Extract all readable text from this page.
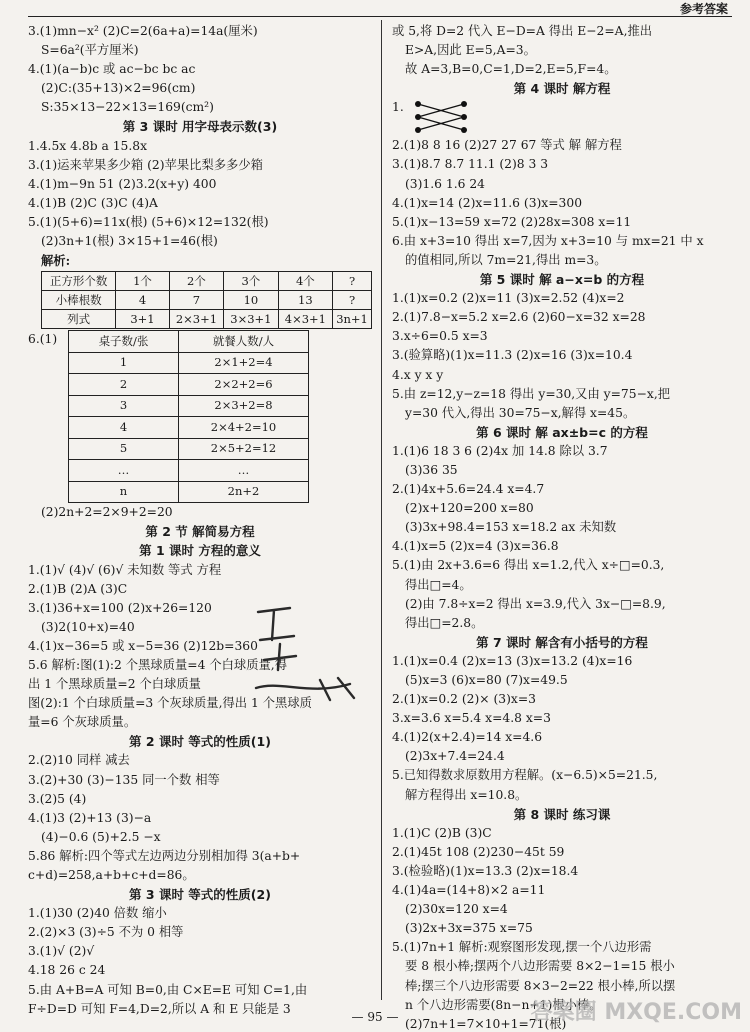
参考答案
3.(1)mn−x² (2)C=2(6a+a)=14a(厘米)
S=6a²(平方厘米)
4.(1)(a−b)c 或 ac−bc bc ac
(2)C:(35+13)×2=96(cm)
S:35×13−22×13=169(cm²)
第 3 课时 用字母表示数(3)
1.4.5x 4.8b a 15.8x
3.(1)运来苹果多少箱 (2)苹果比梨多多少箱
4.(1)m−9n 51 (2)3.2(x+y) 400
4.(1)B (2)C (3)C (4)A
5.(1)(5+6)=11x(根) (5+6)×12=132(根)
(2)3n+1(根) 3×15+1=46(根)
解析:
正方形个数	1个	2个	3个	4个	?
小棒根数	4	7	10	13	?
列式	3+1	2×3+1	3×3+1	4×3+1	3n+1
6.(1)	桌子数/张	就餐人数/人
1	2×1+2=4
2	2×2+2=6
3	2×3+2=8
4	2×4+2=10
5	2×5+2=12
…	…
n	2n+2
(2)2n+2=2×9+2=20
第 2 节 解简易方程
第 1 课时 方程的意义
1.(1)√ (4)√ (6)√ 未知数 等式 方程
2.(1)B (2)A (3)C
3.(1)36+x=100 (2)x+26=120
(3)2(10+x)=40
4.(1)x−36=5 或 x−5=36 (2)12b=360
5.6 解析:图(1):2 个黑球质量=4 个白球质量,得
出 1 个黑球质量=2 个白球质量
图(2):1 个白球质量=3 个灰球质量,得出 1 个黑球质
量=6 个灰球质量。
第 2 课时 等式的性质(1)
2.(2)10 同样 减去
3.(2)+30 (3)−135 同一个数 相等
3.(2)5 (4)
4.(1)3 (2)+13 (3)−a
(4)−0.6 (5)+2.5 −x
5.86 解析:四个等式左边两边分别相加得 3(a+b+
c+d)=258,a+b+c+d=86。
第 3 课时 等式的性质(2)
1.(1)30 (2)40 倍数 缩小
2.(2)×3 (3)÷5 不为 0 相等
3.(1)√ (2)√
4.18 26 c 24
5.由 A+B=A 可知 B=0,由 C×E=E 可知 C=1,由
F÷D=D 可知 F=4,D=2,所以 A 和 E 只能是 3
或 5,将 D=2 代入 E−D=A 得出 E−2=A,推出
E>A,因此 E=5,A=3。
故 A=3,B=0,C=1,D=2,E=5,F=4。
第 4 课时 解方程
1.
2.(1)8 8 16 (2)27 27 67 等式 解 解方程
3.(1)8.7 8.7 11.1 (2)8 3 3
(3)1.6 1.6 24
4.(1)x=14 (2)x=11.6 (3)x=300
5.(1)x−13=59 x=72 (2)28x=308 x=11
6.由 x+3=10 得出 x=7,因为 x+3=10 与 mx=21 中 x
的值相同,所以 7m=21,得出 m=3。
第 5 课时 解 a−x=b 的方程
1.(1)x=0.2 (2)x=11 (3)x=2.52 (4)x=2
2.(1)7.8−x=5.2 x=2.6 (2)60−x=32 x=28
3.x÷6=0.5 x=3
3.(验算略)(1)x=11.3 (2)x=16 (3)x=10.4
4.x y x y
5.由 z=12,y−z=18 得出 y=30,又由 y=75−x,把
y=30 代入,得出 30=75−x,解得 x=45。
第 6 课时 解 ax±b=c 的方程
1.(1)6 18 3 6 (2)4x 加 14.8 除以 3.7
(3)36 35
2.(1)4x+5.6=24.4 x=4.7
(2)x+120=200 x=80
(3)3x+98.4=153 x=18.2 ax 未知数
4.(1)x=5 (2)x=4 (3)x=36.8
5.(1)由 2x+3.6=6 得出 x=1.2,代入 x÷□=0.3,
得出□=4。
(2)由 7.8÷x=2 得出 x=3.9,代入 3x−□=8.9,
得出□=2.8。
第 7 课时 解含有小括号的方程
1.(1)x=0.4 (2)x=13 (3)x=13.2 (4)x=16
(5)x=3 (6)x=80 (7)x=49.5
2.(1)x=0.2 (2)× (3)x=3
3.x=3.6 x=5.4 x=4.8 x=3
4.(1)2(x+2.4)=14 x=4.6
(2)3x+7.4=24.4
5.已知得数求原数用方程解。(x−6.5)×5=21.5,
解方程得出 x=10.8。
第 8 课时 练习课
1.(1)C (2)B (3)C
2.(1)45t 108 (2)230−45t 59
3.(检验略)(1)x=13.3 (2)x=18.4
4.(1)4a=(14+8)×2 a=11
(2)30x=120 x=4
(3)2x+3x=375 x=75
5.(1)7n+1 解析:观察图形发现,摆一个八边形需
要 8 根小棒;摆两个八边形需要 8×2−1=15 根小
棒;摆三个八边形需要 8×3−2=22 根小棒,所以摆
n 个八边形需要(8n−n+1)根小棒。
(2)7n+1=7×10+1=71(根)
— 95 —	答案圈 MXQE.COM
